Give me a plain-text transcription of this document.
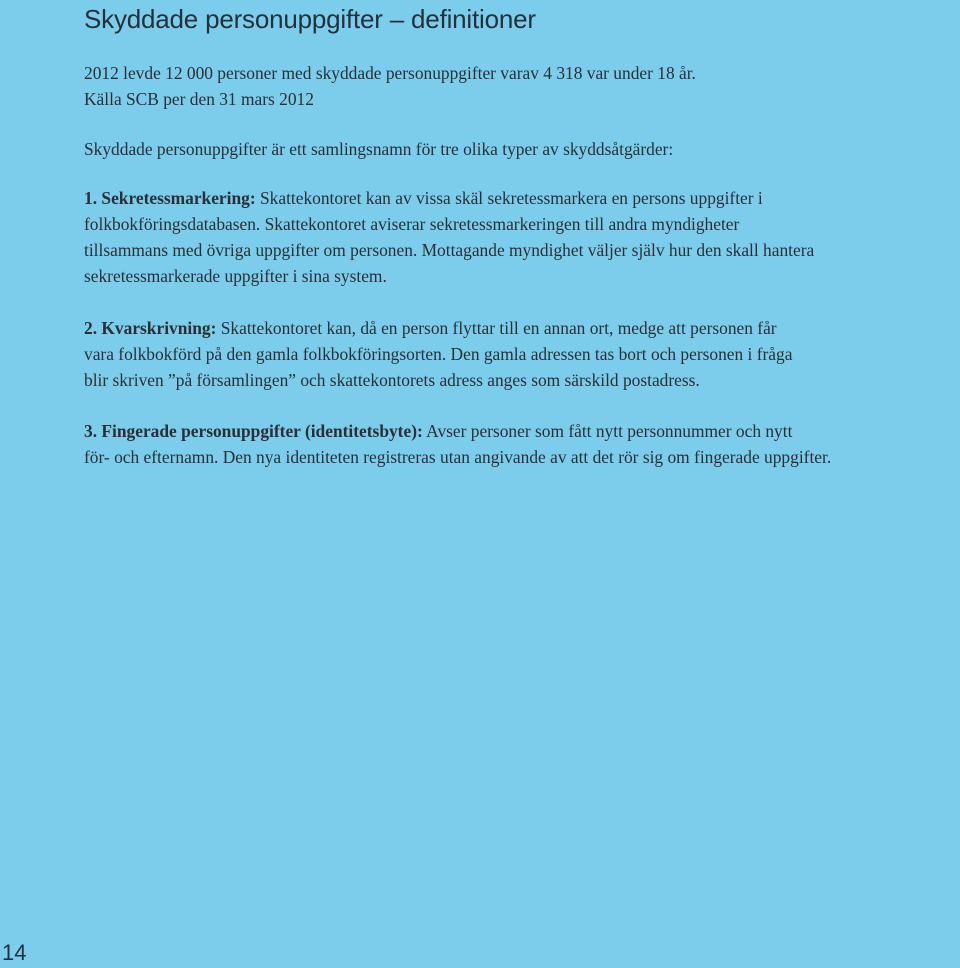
Skyddade personuppgifter – definitioner

2012 levde 12 000 personer med skyddade personuppgifter varav 4 318 var under 18 år.
Källa SCB per den 31 mars 2012

Skyddade personuppgifter är ett samlingsnamn för tre olika typer av skyddsåtgärder:

1. Sekretessmarkering: Skattekontoret kan av vissa skäl sekretessmarkera en persons uppgifter i
folkbokföringsdatabasen. Skattekontoret aviserar sekretessmarkeringen till andra myndigheter
tillsammans med övriga uppgifter om personen. Mottagande myndighet väljer själv hur den skall hantera
sekretessmarkerade uppgifter i sina system.

2. Kvarskrivning: Skattekontoret kan, då en person flyttar till en annan ort, medge att personen får
vara folkbokförd på den gamla folkbokföringsorten. Den gamla adressen tas bort och personen i fråga
blir skriven ”på församlingen” och skattekontorets adress anges som särskild postadress.

3. Fingerade personuppgifter (identitetsbyte): Avser personer som fått nytt personnummer och nytt
för- och efternamn. Den nya identiteten registreras utan angivande av att det rör sig om fingerade uppgifter.

14
